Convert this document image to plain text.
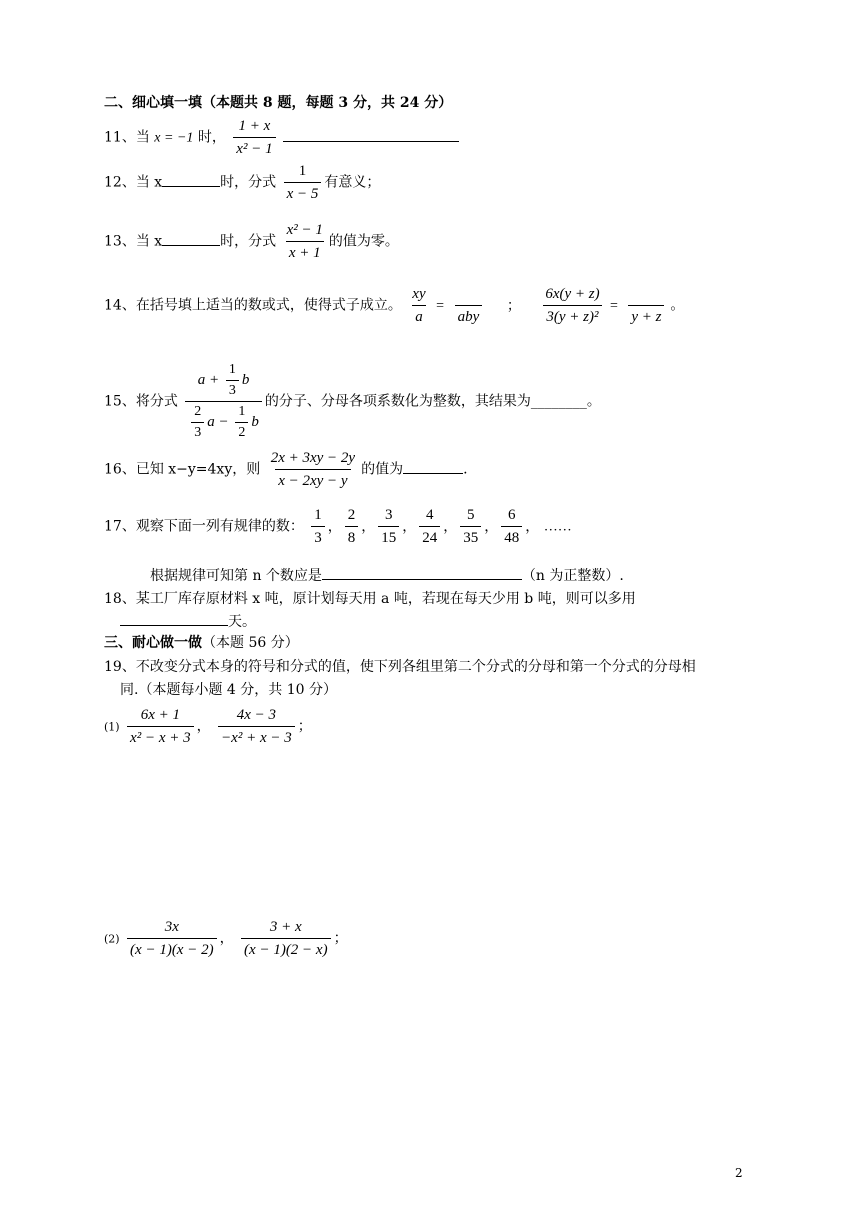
二、细心填一填（本题共 8 题，每题 3 分，共 24 分）
11、当 x = −1 时， $\frac{1 + x}{\text{x² − 1}}$

12、当 x	时，分式 $\frac{1}{x - 5}$ 有意义；
13、当 x	时，分式 $\frac{\text{x² − 1}}{x + 1}$ 的值为零。
14、在括号填上适当的数或式，使得式子成立。 $\frac{xy}{a}$ =

aby
； $\frac{6x(y + z)}{\text{3(y + z)²}}$ =

y + z
。
15、将分式 $\frac{a + \frac{1}{3} b}{\frac{2}{3} a - \frac{1}{2} b}$ 的分子、分母各项系数化为整数，其结果为________。
16、已知 x−y=4xy，则 $\frac{2x + 3xy - 2y}{x - 2xy - y}$ 的值为	.
17、观察下面一列有规律的数： $\frac{1}{3}$ ， $\frac{2}{8}$ ， $\frac{3}{15}$ ， $\frac{4}{24}$ ， $\frac{5}{35}$ ， $\frac{6}{48}$ ， ……
根据规律可知第 n 个数应是	（n 为正整数）.
18、某工厂库存原材料 x 吨，原计划每天用 a 吨，若现在每天少用 b 吨，则可以多用
天。
三、耐心做一做（本题 56 分）
19、不改变分式本身的符号和分式的值，使下列各组里第二个分式的分母和第一个分式的分母相
同.（本题每小题 4 分，共 10 分）
$(1) \frac{6x + 1}{\text{x² − x + 3}}$ ， $\frac{4x - 3}{\text{−x² + x − 3}}$ ；
$(2) \frac{3x}{(x - 1)(x - 2)}$ ， $\frac{3 + x}{(x - 1)(2 - x)}$ ；
2
